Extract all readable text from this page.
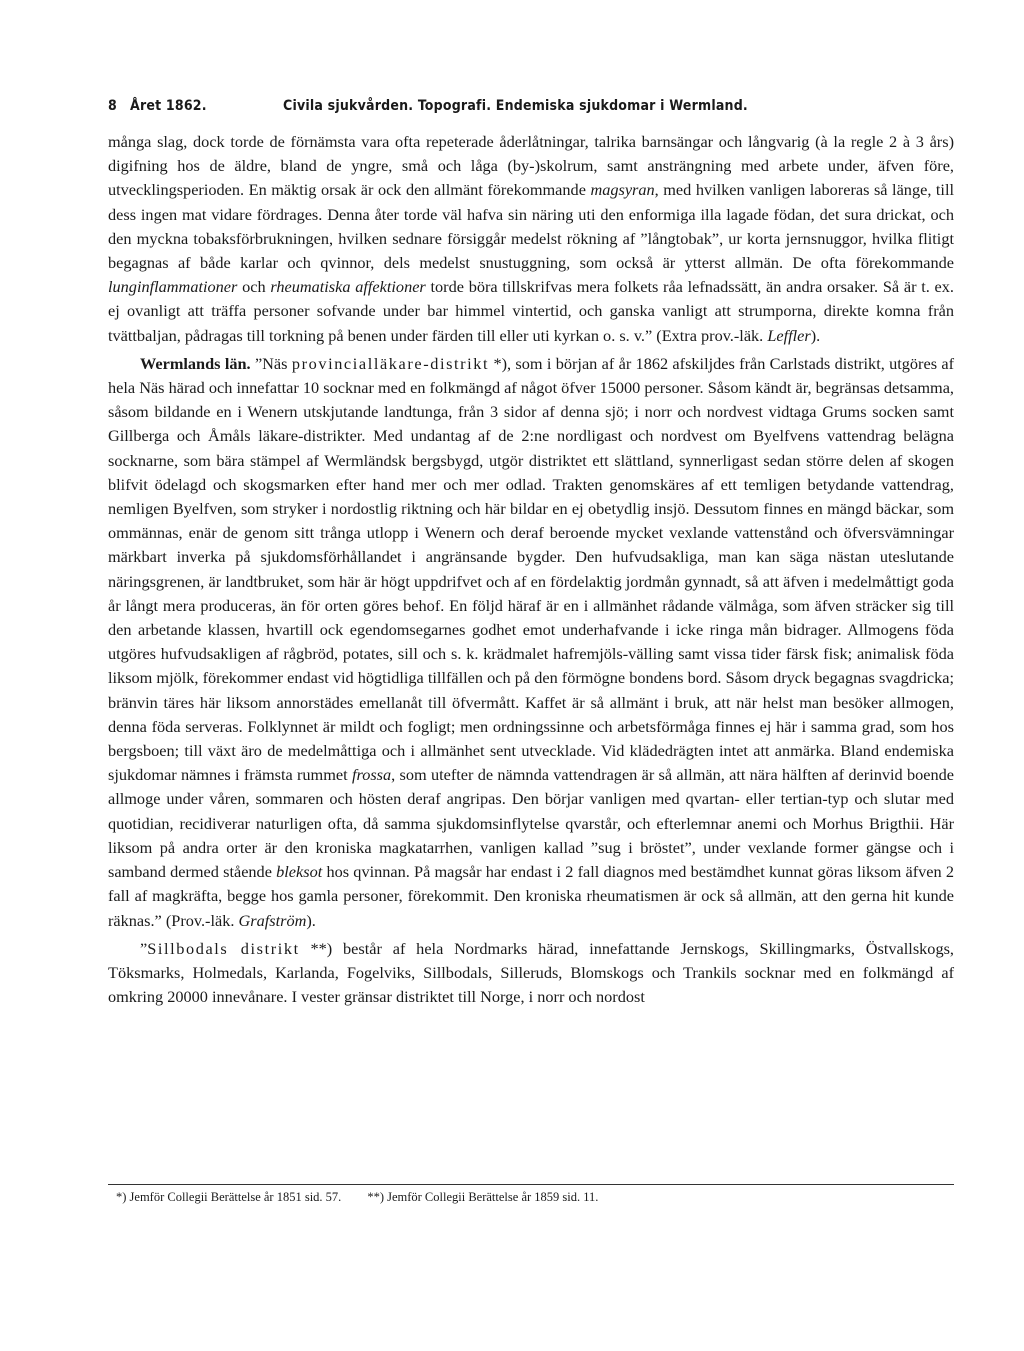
8 Året 1862.	Civila sjukvården. Topografi. Endemiska sjukdomar i Wermland.

många slag, dock torde de förnämsta vara ofta repeterade åderlåtningar, talrika barnsängar och långvarig (à la regle 2 à 3 års) digifning hos de äldre, bland de yngre, små och låga (by-)skolrum, samt ansträngning med arbete under, äfven före, utvecklingsperioden. En mäktig orsak är ock den allmänt förekommande magsyran, med hvilken vanligen laboreras så länge, till dess ingen mat vidare fördrages. Denna åter torde väl hafva sin näring uti den enformiga illa lagade födan, det sura drickat, och den myckna tobaksförbrukningen, hvilken sednare försiggår medelst rökning af ”långtobak”, ur korta jernsnuggor, hvilka flitigt begagnas af både karlar och qvinnor, dels medelst snustuggning, som också är ytterst allmän. De ofta förekommande lunginflammationer och rheumatiska affektioner torde böra tillskrifvas mera folkets råa lefnadssätt, än andra orsaker. Så är t. ex. ej ovanligt att träffa personer sofvande under bar himmel vintertid, och ganska vanligt att strumporna, direkte komna från tvättbaljan, pådragas till torkning på benen under färden till eller uti kyrkan o. s. v.” (Extra prov.-läk. Leffler).

Wermlands län. ”Näs provincialläkare-distrikt *), som i början af år 1862 afskiljdes från Carlstads distrikt, utgöres af hela Näs härad och innefattar 10 socknar med en folkmängd af något öfver 15000 personer. Såsom kändt är, begränsas detsamma, såsom bildande en i Wenern utskjutande landtunga, från 3 sidor af denna sjö; i norr och nordvest vidtaga Grums socken samt Gillberga och Åmåls läkare-distrikter. Med undantag af de 2:ne nordligast och nordvest om Byelfvens vattendrag belägna socknarne, som bära stämpel af Wermländsk bergsbygd, utgör distriktet ett slättland, synnerligast sedan större delen af skogen blifvit ödelagd och skogsmarken efter hand mer och mer odlad. Trakten genomskäres af ett temligen betydande vattendrag, nemligen Byelfven, som stryker i nordostlig riktning och här bildar en ej obetydlig insjö. Dessutom finnes en mängd bäckar, som ommännas, enär de genom sitt trånga utlopp i Wenern och deraf beroende mycket vexlande vattenstånd och öfversvämningar märkbart inverka på sjukdomsförhållandet i angränsande bygder. Den hufvudsakliga, man kan säga nästan uteslutande näringsgrenen, är landtbruket, som här är högt uppdrifvet och af en fördelaktig jordmån gynnadt, så att äfven i medelmåttigt goda år långt mera produceras, än för orten göres behof. En följd häraf är en i allmänhet rådande välmåga, som äfven sträcker sig till den arbetande klassen, hvartill ock egendomsegarnes godhet emot underhafvande i icke ringa mån bidrager. Allmogens föda utgöres hufvudsakligen af rågbröd, potates, sill och s. k. krädmalet hafremjöls-välling samt vissa tider färsk fisk; animalisk föda liksom mjölk, förekommer endast vid högtidliga tillfällen och på den förmögne bondens bord. Såsom dryck begagnas svagdricka; bränvin täres här liksom annorstädes emellanåt till öfvermått. Kaffet är så allmänt i bruk, att när helst man besöker allmogen, denna föda serveras. Folklynnet är mildt och fogligt; men ordningssinne och arbetsförmåga finnes ej här i samma grad, som hos bergsboen; till växt äro de medelmåttiga och i allmänhet sent utvecklade. Vid klädedrägten intet att anmärka. Bland endemiska sjukdomar nämnes i främsta rummet frossa, som utefter de nämnda vattendragen är så allmän, att nära hälften af derinvid boende allmoge under våren, sommaren och hösten deraf angripas. Den börjar vanligen med qvartan- eller tertian-typ och slutar med quotidian, recidiverar naturligen ofta, då samma sjukdomsinflytelse qvarstår, och efterlemnar anemi och Morhus Brigthii. Här liksom på andra orter är den kroniska magkatarrhen, vanligen kallad ”sug i bröstet”, under vexlande former gängse och i samband dermed stående bleksot hos qvinnan. På magsår har endast i 2 fall diagnos med bestämdhet kunnat göras liksom äfven 2 fall af magkräfta, begge hos gamla personer, förekommit. Den kroniska rheumatismen är ock så allmän, att den gerna hit kunde räknas.” (Prov.-läk. Grafström).

”Sillbodals distrikt **) består af hela Nordmarks härad, innefattande Jernskogs, Skillingmarks, Östvallskogs, Töksmarks, Holmedals, Karlanda, Fogelviks, Sillbodals, Silleruds, Blomskogs och Trankils socknar med en folkmängd af omkring 20000 innevånare. I vester gränsar distriktet till Norge, i norr och nordost

*) Jemför Collegii Berättelse år 1851 sid. 57. **) Jemför Collegii Berättelse år 1859 sid. 11.
